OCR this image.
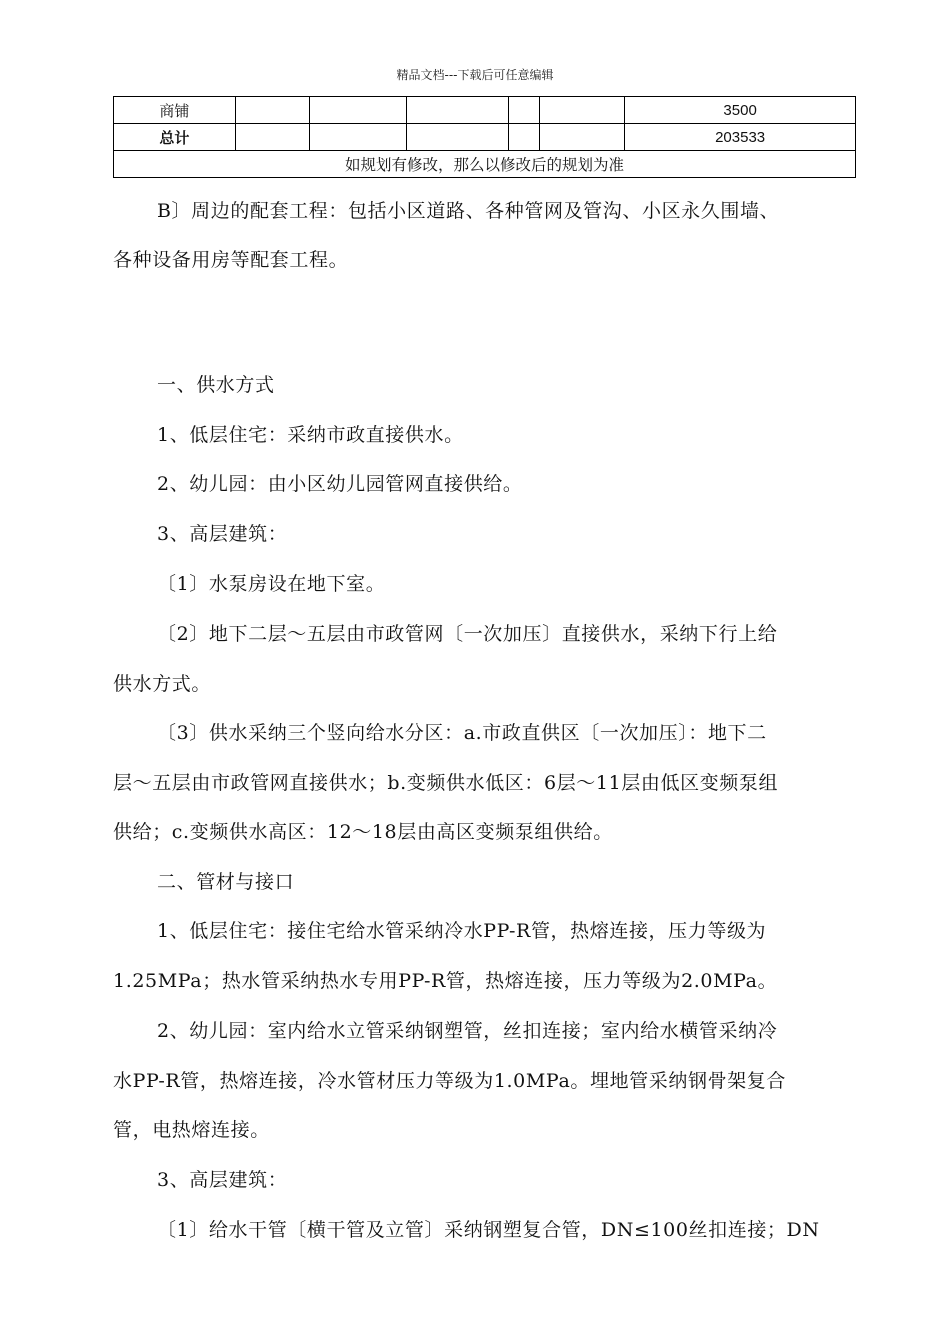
精品文档---下载后可任意编辑
商铺						3500
总计						203533
如规划有修改，那么以修改后的规划为准						
B〕周边的配套工程：包括小区道路、各种管网及管沟、小区永久围墙、
各种设备用房等配套工程。
一、供水方式
1、低层住宅：采纳市政直接供水。
2、幼儿园：由小区幼儿园管网直接供给。
3、高层建筑：
〔1〕水泵房设在地下室。
〔2〕地下二层～五层由市政管网〔一次加压〕直接供水，采纳下行上给
供水方式。
〔3〕供水采纳三个竖向给水分区：a.市政直供区〔一次加压〕：地下二
层～五层由市政管网直接供水；b.变频供水低区：6层～11层由低区变频泵组
供给；c.变频供水高区：12～18层由高区变频泵组供给。
二、管材与接口
1、低层住宅：接住宅给水管采纳冷水PP-R管，热熔连接，压力等级为
1.25MPa；热水管采纳热水专用PP-R管，热熔连接，压力等级为2.0MPa。
2、幼儿园：室内给水立管采纳钢塑管，丝扣连接；室内给水横管采纳冷
水PP-R管，热熔连接，冷水管材压力等级为1.0MPa。埋地管采纳钢骨架复合
管，电热熔连接。
3、高层建筑：
〔1〕给水干管〔横干管及立管〕采纳钢塑复合管，DN≤100丝扣连接；DN
